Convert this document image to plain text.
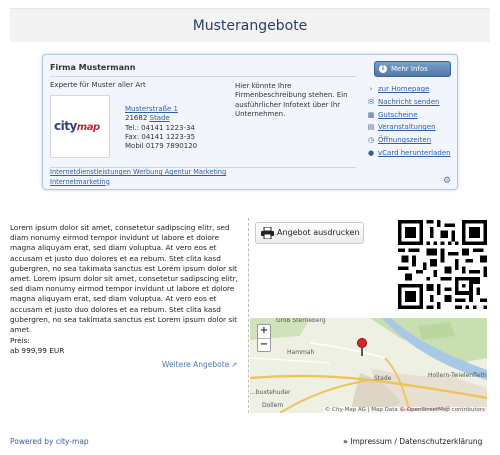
Musterangebote
Firma Mustermann
Experte für Muster aller Art
citymap
Musterstraße 1
21682 Stade
Tel.: 04141 1223-34
Fax: 04141 1223-35
Mobil 0179 7890120
Hier könnte Ihre Firmenbeschreibung stehen. Ein ausführlicher Infotext über Ihr Unternehmen.
i Mehr Infos
› zur Homepage
✉ Nachricht senden
▦ Gutscheine
▤ Veranstaltungen
◷ Öffnungszeiten
● vCard herunterladen
Internetdienstleistungen Werbung Agentur Marketing
Internetmarketing	⚙
Lorem ipsum dolor sit amet, consetetur sadipscing elitr, sed diam nonumy eirmod tempor invidunt ut labore et dolore magna aliquyam erat, sed diam voluptua. At vero eos et accusam et justo duo dolores et ea rebum. Stet clita kasd gubergren, no sea takimata sanctus est Lorem ipsum dolor sit amet. Lorem ipsum dolor sit amet, consetetur sadipscing elitr, sed diam nonumy eirmod tempor invidunt ut labore et dolore magna aliquyam erat, sed diam voluptua. At vero eos et accusam et justo duo dolores et ea rebum. Stet clita kasd gubergren, no sea takimata sanctus est Lorem ipsum dolor sit amet.
Preis:
ab 999,99 EUR
Weitere Angebote ↗
Angebot ausdrucken
+
−
Groß Sterneberg
Hammah
Stade
Dollern
Hollern-Twielenfleth
...buxtehuder
© City-Map AG | Map Data © OpenStreetMap contributors
Powered by city-map	» Impressum / Datenschutzerklärung
